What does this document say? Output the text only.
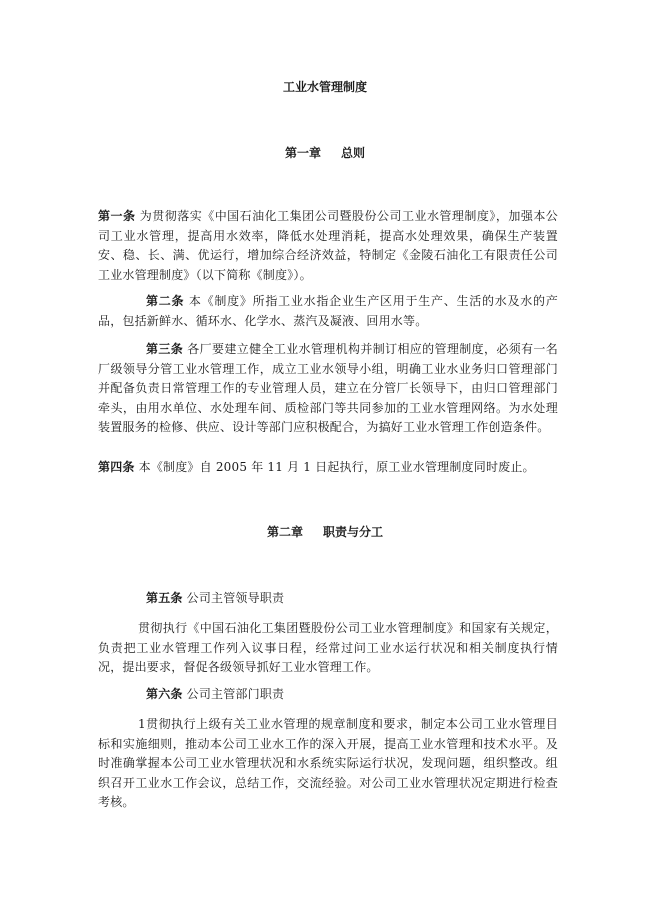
工业水管理制度
第一章 总则
第一条 为贯彻落实《中国石油化工集团公司暨股份公司工业水管理制度》，加强本公司工业水管理，提高用水效率，降低水处理消耗，提高水处理效果，确保生产装置安、稳、长、满、优运行，增加综合经济效益，特制定《金陵石油化工有限责任公司工业水管理制度》（以下简称《制度》）。
第二条 本《制度》所指工业水指企业生产区用于生产、生活的水及水的产品，包括新鲜水、循环水、化学水、蒸汽及凝液、回用水等。
第三条 各厂要建立健全工业水管理机构并制订相应的管理制度，必须有一名厂级领导分管工业水管理工作，成立工业水领导小组，明确工业水业务归口管理部门并配备负责日常管理工作的专业管理人员，建立在分管厂长领导下，由归口管理部门牵头，由用水单位、水处理车间、质检部门等共同参加的工业水管理网络。为水处理装置服务的检修、供应、设计等部门应积极配合，为搞好工业水管理工作创造条件。
第四条 本《制度》自 2005 年 11 月 1 日起执行，原工业水管理制度同时废止。
第二章 职责与分工
第五条 公司主管领导职责
贯彻执行《中国石油化工集团暨股份公司工业水管理制度》和国家有关规定，负责把工业水管理工作列入议事日程，经常过问工业水运行状况和相关制度执行情况，提出要求，督促各级领导抓好工业水管理工作。
第六条 公司主管部门职责
1贯彻执行上级有关工业水管理的规章制度和要求，制定本公司工业水管理目标和实施细则，推动本公司工业水工作的深入开展，提高工业水管理和技术水平。及时准确掌握本公司工业水管理状况和水系统实际运行状况，发现问题，组织整改。组织召开工业水工作会议，总结工作，交流经验。对公司工业水管理状况定期进行检查考核。
